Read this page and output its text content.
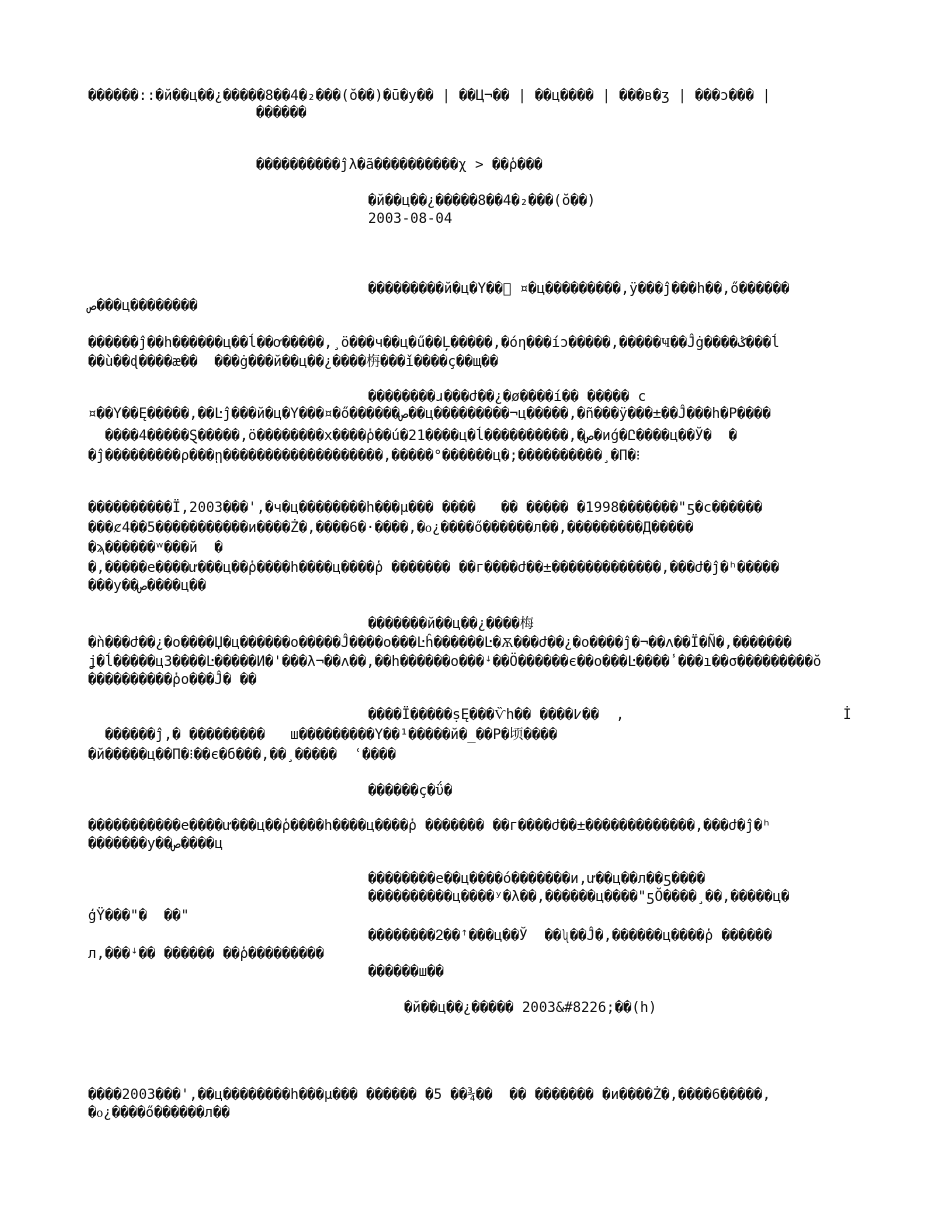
������::�й��ц��¿�����8��4�₂���(ŏ��)�ū�у�� | ��Ц¬�� | ��ц���� | ���в�ʒ | ���ɔ��� |

������

����������ĵλ�ã����������χ > ��ῥ���

�й��ц��¿�����8��4�₂���(ŏ��)

2003-08-04

���������й�ц�Y��ͩ ¤�ц���������,ÿ���ĵ���h��,ő������

ص���ц��������

������ĵ��h������ц��ĺ��ơ�����,¸ö���ч��ц�ű��Ļ�����,�όη���íɔ�����,�����Ҹ��Ĵġ����ݣ���ĺ

��ù��ɖ����æ��  ���ġ���й��ц��¿����栴���ǐ����ç��щ��

��������ɹ���ժ��¿�ø����í�� ����� c

¤��Y��Ę�����,��Ŀĵ���й�ц�Y���¤�ő������ص��ц���������¬ц�����,�ñ���ÿ���±��Ĵ���h�Р����

����4�����Ȿ�����,ö��������х����ῥ��ú�21����ц�ĺ����������,�ص�иǵ�Ը����ц��Ў�  �

�ĵ���������ρ���ῃ�������������������,�����°������ц�;����������¸�П�⁝

����������Ϊ,2003���',�ч�ц��������h���µ��� ����   �� ����� �1998�������"ƽ�с������

���ȼ4��5�����������и����Ż�,����6�·����,�᧐¿����ő������л��,���������Д�����

�ϡ������ʷ���й  �

�,�����е����ư���ц��ῥ����h����ц����ῥ ������� ��г����ժ��±�������������,���ժ�ĵ�ʰ�����

���у��ص����ц��

�������й��ц��¿����梅

�ǹ���ժ��¿�о����Џ�ц������о�����Ĵ����о���Ŀĥ������Ŀ�Ѫ���ժ��¿�о����ĵ�¬��ʌ��Ï�Ñ�,�������

ʝ�ĺ�����цЗ����Ŀ�����И�'���λ¬��ʌ��,��h������о���ꜜ��Ö������є��о���Ŀ����̾ ���ı��σ���������ŏ

����������ῥо���Ĵ� ��

����Ï�����ṣĘ���Ѷh�� ����߇��  ,	İ

������ĵ,� ���������   ш���������Y��¹�����й�_��Р�顷����

�й�����ц��П�⁝��є�б���,��¸�����  ʿ̓����

������ç�ΰ�

�����������е����ư���ц��ῥ����h����ц����ῥ ������� ��г����ժ��±�������������,���ժ�ĵ�ʰ

�������у��ص����ц

��������е��ц����ó�������и,ư��ц��л��ƽ����

����������ц����ʸ�λ��,������ц����"ƽŎ����¸��,�����ц�

ģŸ���"�  ��"

��������ᒿ��ꜛ���ц��Ў  ��ʯ��Ĵ�,������ц����ῥ ������

л,���ꜜ�� ������ ��ῥ���������

������ш��

�й��ц��¿����� 2003&#8226;��(h)

����2003���',��ц��������h���µ��� ������ �5 ��¾��  �� ������� �и����Ż�,����6�����,

�᧐¿����ő������л��
